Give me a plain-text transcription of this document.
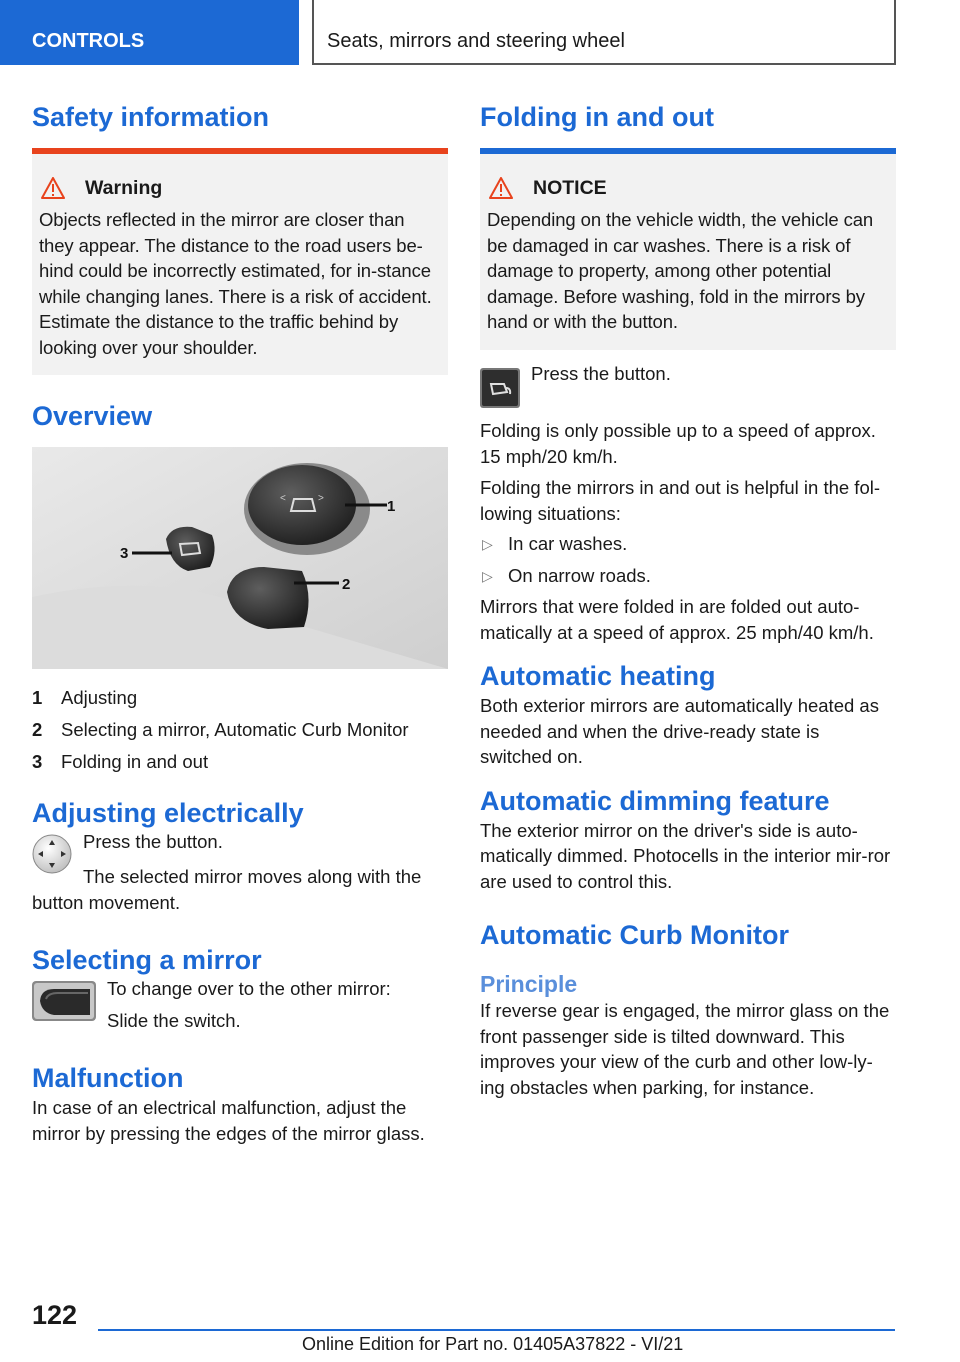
CONTROLS	Seats, mirrors and steering wheel
Safety information
Warning

Objects reflected in the mirror are closer than they appear. The distance to the road users be-hind could be incorrectly estimated, for in-stance while changing lanes. There is a risk of accident. Estimate the distance to the traffic behind by looking over your shoulder.

Overview
<	>	1
2
3
1	Adjusting
2	Selecting a mirror, Automatic Curb Monitor
3	Folding in and out
Adjusting electrically

Press the button.

The selected mirror moves along with the button movement.

Selecting a mirror

To change over to the other mirror:

Slide the switch.

Malfunction

In case of an electrical malfunction, adjust the mirror by pressing the edges of the mirror glass.

Folding in and out
NOTICE

Depending on the vehicle width, the vehicle can be damaged in car washes. There is a risk of damage to property, among other potential damage. Before washing, fold in the mirrors by hand or with the button.

Press the button.

Folding is only possible up to a speed of approx. 15 mph/20 km/h.

Folding the mirrors in and out is helpful in the fol-lowing situations:

▷ In car washes.
▷ On narrow roads.

Mirrors that were folded in are folded out auto-matically at a speed of approx. 25 mph/40 km/h.

Automatic heating

Both exterior mirrors are automatically heated as needed and when the drive-ready state is switched on.

Automatic dimming feature

The exterior mirror on the driver's side is auto-matically dimmed. Photocells in the interior mir-ror are used to control this.

Automatic Curb Monitor
Principle

If reverse gear is engaged, the mirror glass on the front passenger side is tilted downward. This improves your view of the curb and other low-ly-ing obstacles when parking, for instance.

122
Online Edition for Part no. 01405A37822 - VI/21
